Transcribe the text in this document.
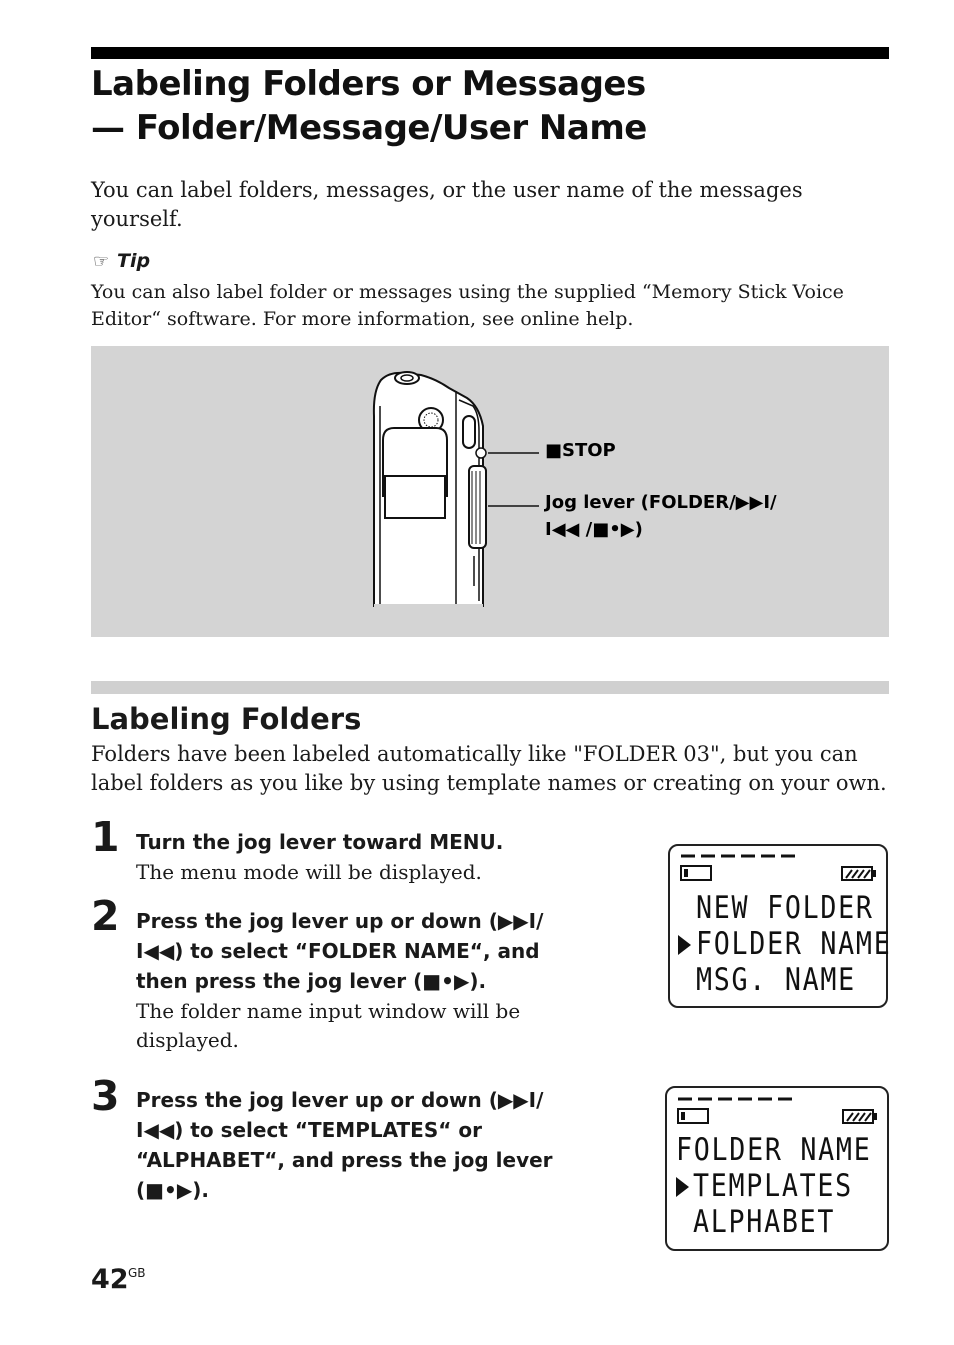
Labeling Folders or Messages
— Folder/Message/User Name

You can label folders, messages, or the user name of the messages yourself.

☞ Tip

You can also label folder or messages using the supplied “Memory Stick Voice Editor“ software. For more information, see online help.

■STOP
Jog lever (FOLDER/▶▶I/
I◀◀ /■•▶)
Labeling Folders

Folders have been labeled automatically like "FOLDER 03", but you can label folders as you like by using template names or creating on your own.

1 Turn the jog lever toward MENU.

The menu mode will be displayed.

2 Press the jog lever up or down (▶▶I/ I◀◀) to select “FOLDER NAME“, and then press the jog lever (■•▶).

The folder name input window will be displayed.

3 Press the jog lever up or down (▶▶I/ I◀◀) to select “TEMPLATES“ or “ALPHABET“, and press the jog lever (■•▶).

NEW FOLDER
FOLDER NAME
MSG. NAME
FOLDER NAME
TEMPLATES
ALPHABET
42 GB
